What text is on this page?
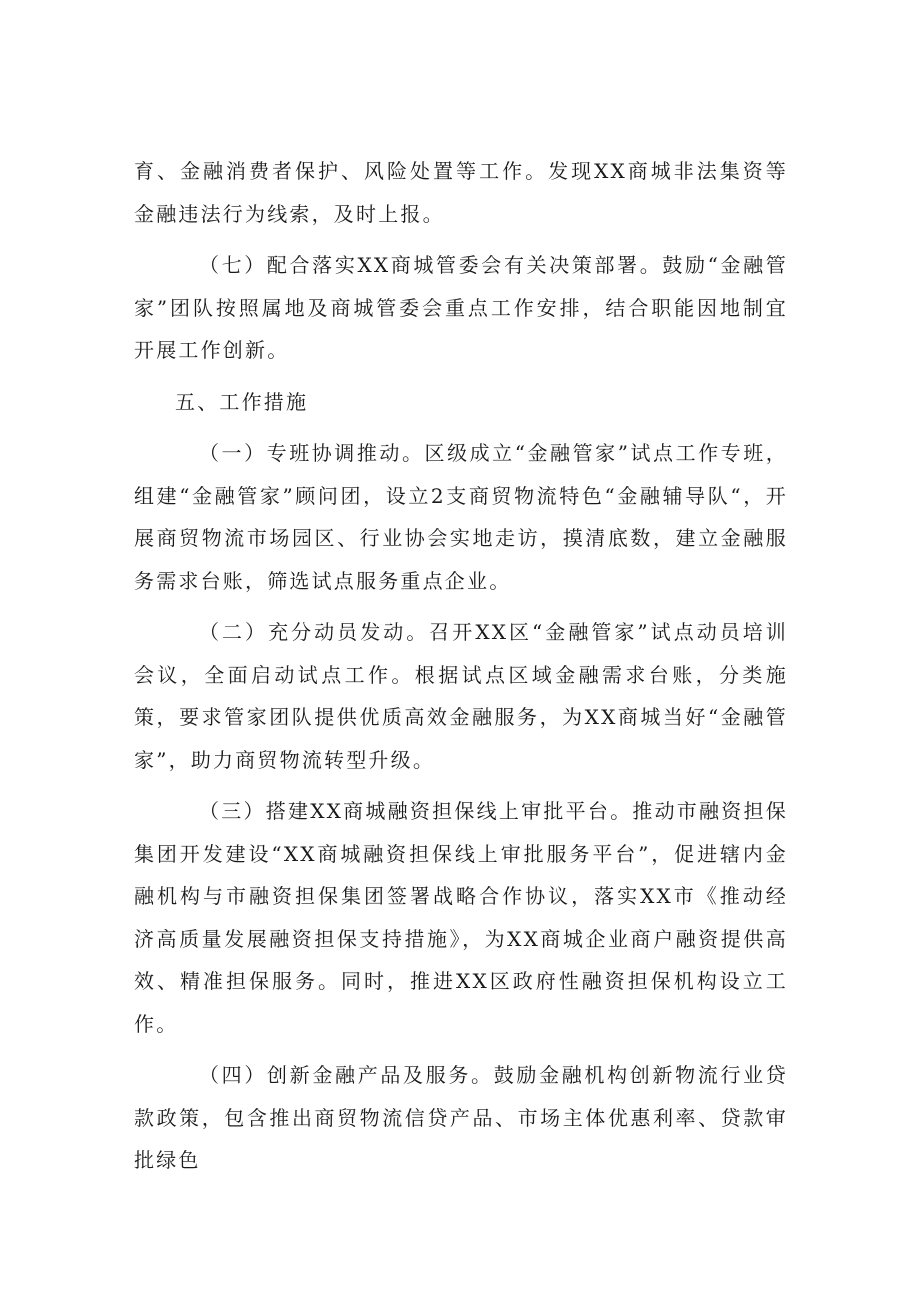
育、金融消费者保护、风险处置等工作。发现XX商城非法集资等金融违法行为线索，及时上报。

（七）配合落实XX商城管委会有关决策部署。鼓励“金融管家”团队按照属地及商城管委会重点工作安排，结合职能因地制宜开展工作创新。

五、工作措施

（一）专班协调推动。区级成立“金融管家”试点工作专班，组建“金融管家”顾问团，设立2支商贸物流特色“金融辅导队“，开展商贸物流市场园区、行业协会实地走访，摸清底数，建立金融服务需求台账，筛选试点服务重点企业。

（二）充分动员发动。召开XX区“金融管家”试点动员培训会议，全面启动试点工作。根据试点区域金融需求台账，分类施策，要求管家团队提供优质高效金融服务，为XX商城当好“金融管家”，助力商贸物流转型升级。

（三）搭建XX商城融资担保线上审批平台。推动市融资担保集团开发建设“XX商城融资担保线上审批服务平台”，促进辖内金融机构与市融资担保集团签署战略合作协议，落实XX市《推动经济高质量发展融资担保支持措施》，为XX商城企业商户融资提供高效、精准担保服务。同时，推进XX区政府性融资担保机构设立工作。

（四）创新金融产品及服务。鼓励金融机构创新物流行业贷款政策，包含推出商贸物流信贷产品、市场主体优惠利率、贷款审批绿色
